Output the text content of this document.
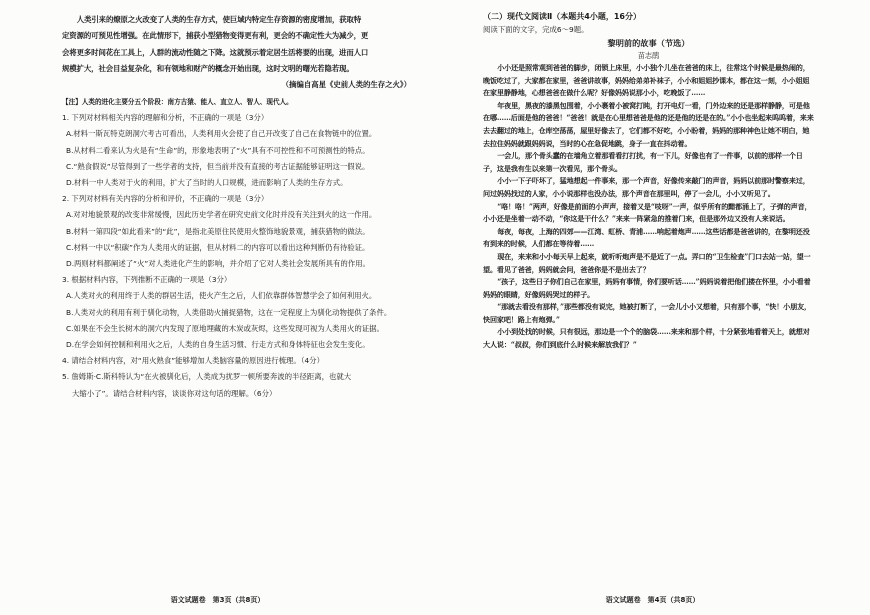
人类引来的燎原之火改变了人类的生存方式，使巨域内特定生存资源的密度增加，获取特

定资源的可预见性增强。在此情形下，捕获小型猎物变得更有利，更会的不确定性大为减少，更

会将更多时间花在工具上，人群的流动性随之下降。这就预示着定居生活将要的出现，进而人口

规模扩大，社会目益复杂化，和有领地和财产的概念开始出现，这时文明的曙光若隐若现。

（摘编自高星《史前人类的生存之火》）

【注】人类的进化主要分五个阶段：南方古猿、能人、直立人、智人、现代人。

1. 下列对材料相关内容的理解和分析，不正确的一项是（3分）

A.材料一斯瓦特克朗洞穴考古可看出，人类利用火会使了自己开改变了自己在食物链中的位置。

B.从材料二看来认为火是有“生命”的，形象地表明了“火”具有不可控性和不可预测性的特点。

C.“熟食假说”尽管得到了一些学者的支持，但当前并没有直接的考古证据能够证明这一假说。

D.材料一中人类对于火的利用，扩大了当时的人口规模，进而影响了人类的生存方式。

2. 下列对材料有关内容的分析和评价，不正确的一项是（3分）

A.对对地貌景观的改变非常缓慢，因此历史学者在研究史前文化时并没有关注到火的这一作用。

B.材料一第四段“如此看来”的“此”，是指北美原住民使用火整饰地貌景观，捕获猎物的做法。

C.材料一中以“积碳”作为人类用火的证据，但从材料二的内容可以看出这种判断仍有待验证。

D.两则材料都阐述了“火”对人类进化产生的影响，并介绍了它对人类社会发展所具有的作用。

3. 根据材料内容，下列推断不正确的一项是（3分）

A.人类对火的利用终于人类的群居生活，使火产生之后，人们依靠群体智慧学会了如何利用火。

B.人类对火的利用有利于驯化动物，人类借助火捕捉猎物，这在一定程度上为驯化动物提供了条件。

C.如果在不会生长树木的洞穴内发现了原地埋藏的木炭或灰烬，这些发现可视为人类用火的证据。

D.在学会如何控制和利用火之后，人类的自身生活习惯、行走方式和身体特征也会发生变化。

4. 请结合材料内容，对“用火熟食”能够增加人类脑容量的原因进行梳理。（4分）

5. 詹姆斯·C.斯科特认为“在火被驯化后，人类成为扰罗一顿所要奔波的半径距离，也就大

大缩小了”。请结合材料内容，谈谈你对这句话的理解。（6分）

语文试题卷　第3页（共8页）

（二）现代文阅读Ⅱ（本题共4小题，16分）

阅读下面的文字，完成6～9题。

黎明前的故事（节选）

苗志鹃

小小还是照常观到爸爸的脚步，闭锁上床里，小小独个儿坐在爸爸的床上，往常这个时候是最热闹的，晚饭吃过了，大家都在家里，爸爸讲故事，妈妈给弟弟补袜子，小小和姐姐抄课本，都在这一刻，小小姐姐在家里静静地，心想爸爸在做什么呢？好像妈妈说那小小，吃晚饭了……

年夜里，黑夜的漆黑包围着，小小裹着小被窝打盹，打开电灯一看，门外边来的还是那样静静，可是他在哪……后面是他的爸爸！“爸爸！就是在心里想爸爸是他的还是他的还是在的。”小小也坐起来呜呜着，来来去去翻过的地上，仓库空荡荡，屋里好像去了，它们都不好吃，小小盼着，妈妈的那种神色让她不明白，她去拉住妈妈就跟妈妈说，当时的心在急促地跳，身子一直在抖动着。

一会儿，那个骨头蠢的在墙角立着那看看打打扰，有一下儿，好像也有了一件事，以前的那样一个日子，这是我有生以来第一次看见，那个骨头。

小小一下子吓坏了，猛地想起一件事来，那一个声音，好像传来敲门的声音，妈妈以前那时警察来过，问过妈妈找过的人家，小小说那样也没办法，那个声音在那里叫，停了一会儿，小小又听见了。

“咯！咯！”两声，好像是前面的小声声，接着又是“吱呀”一声，似乎所有的黯都涌上了，子弹的声音，小小还是坐着一动不动，“你这是干什么？”来来一阵紧急的推着门来，但是那外边又没有人来说话。

每夜，每夜，上海的四郊——江湾、虹桥、青浦……响起着炮声……这些话都是爸爸讲的，在黎明还没有到来的时候，人们都在等待着……

现在，来来和小小每天早上起来，就听听炮声是不是近了一点。弄口的“卫生检查”门口去站一站，望一望。看见了爸爸，妈妈就会问，爸爸你是不是出去了？

“孩子，这些日子你们自己在家里，妈妈有事情，你们要听话……”妈妈说着把他们搂在怀里，小小看着妈妈的眼睛，好像妈妈哭过的样子。

“那就去看没有那样，”那些都没有说完，她被打断了，一会儿小小又想着，只有那个事，“快！小朋友，快回家吧！路上有炮弹。”

小小到处找的时候，只有很远，那边是一个个的脑袋……来来和那个样，十分紧张地看着天上，就想对大人说：“叔叔，你们到底什么时候来解放我们？”

语文试题卷　第4页（共8页）
